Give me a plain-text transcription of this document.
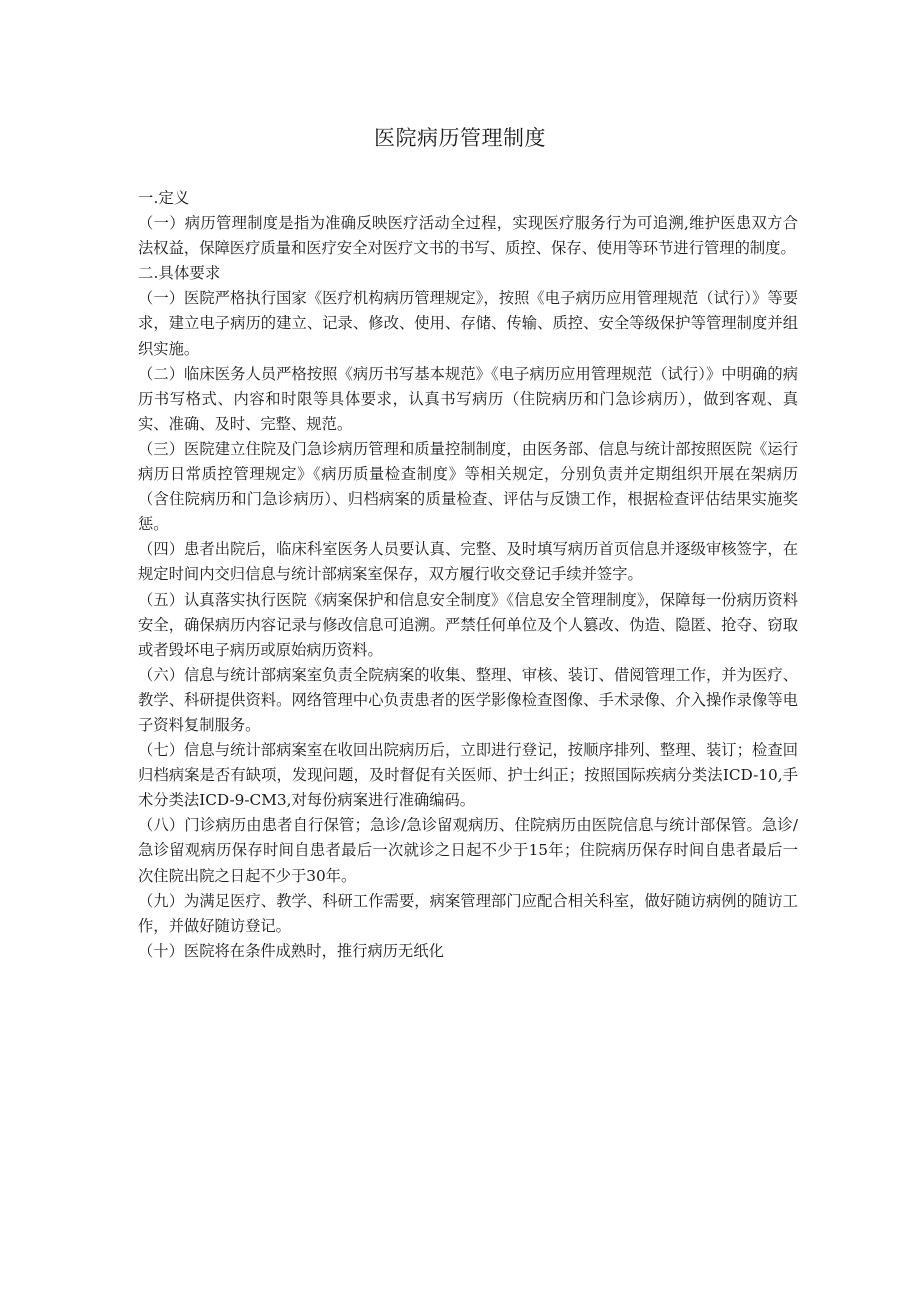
医院病历管理制度

一.定义

（一）病历管理制度是指为准确反映医疗活动全过程，实现医疗服务行为可追溯,维护医患双方合法权益，保障医疗质量和医疗安全对医疗文书的书写、质控、保存、使用等环节进行管理的制度。

二.具体要求

（一）医院严格执行国家《医疗机构病历管理规定》，按照《电子病历应用管理规范（试行）》等要求，建立电子病历的建立、记录、修改、使用、存储、传输、质控、安全等级保护等管理制度并组织实施。

（二）临床医务人员严格按照《病历书写基本规范》《电子病历应用管理规范（试行）》中明确的病历书写格式、内容和时限等具体要求，认真书写病历（住院病历和门急诊病历），做到客观、真实、准确、及时、完整、规范。

（三）医院建立住院及门急诊病历管理和质量控制制度，由医务部、信息与统计部按照医院《运行病历日常质控管理规定》《病历质量检查制度》等相关规定，分别负责并定期组织开展在架病历（含住院病历和门急诊病历）、归档病案的质量检查、评估与反馈工作，根据检查评估结果实施奖惩。

（四）患者出院后，临床科室医务人员要认真、完整、及时填写病历首页信息并逐级审核签字，在规定时间内交归信息与统计部病案室保存，双方履行收交登记手续并签字。

（五）认真落实执行医院《病案保护和信息安全制度》《信息安全管理制度》，保障每一份病历资料安全，确保病历内容记录与修改信息可追溯。严禁任何单位及个人篡改、伪造、隐匿、抢夺、窃取或者毁坏电子病历或原始病历资料。

（六）信息与统计部病案室负责全院病案的收集、整理、审核、装订、借阅管理工作，并为医疗、教学、科研提供资料。网络管理中心负责患者的医学影像检查图像、手术录像、介入操作录像等电子资料复制服务。

（七）信息与统计部病案室在收回出院病历后，立即进行登记，按顺序排列、整理、装订；检查回归档病案是否有缺项，发现问题，及时督促有关医师、护士纠正；按照国际疾病分类法ICD-10,手术分类法ICD-9-CM3,对每份病案进行准确编码。

（八）门诊病历由患者自行保管；急诊/急诊留观病历、住院病历由医院信息与统计部保管。急诊/急诊留观病历保存时间自患者最后一次就诊之日起不少于15年；住院病历保存时间自患者最后一次住院出院之日起不少于30年。

（九）为满足医疗、教学、科研工作需要，病案管理部门应配合相关科室，做好随访病例的随访工作，并做好随访登记。

（十）医院将在条件成熟时，推行病历无纸化
